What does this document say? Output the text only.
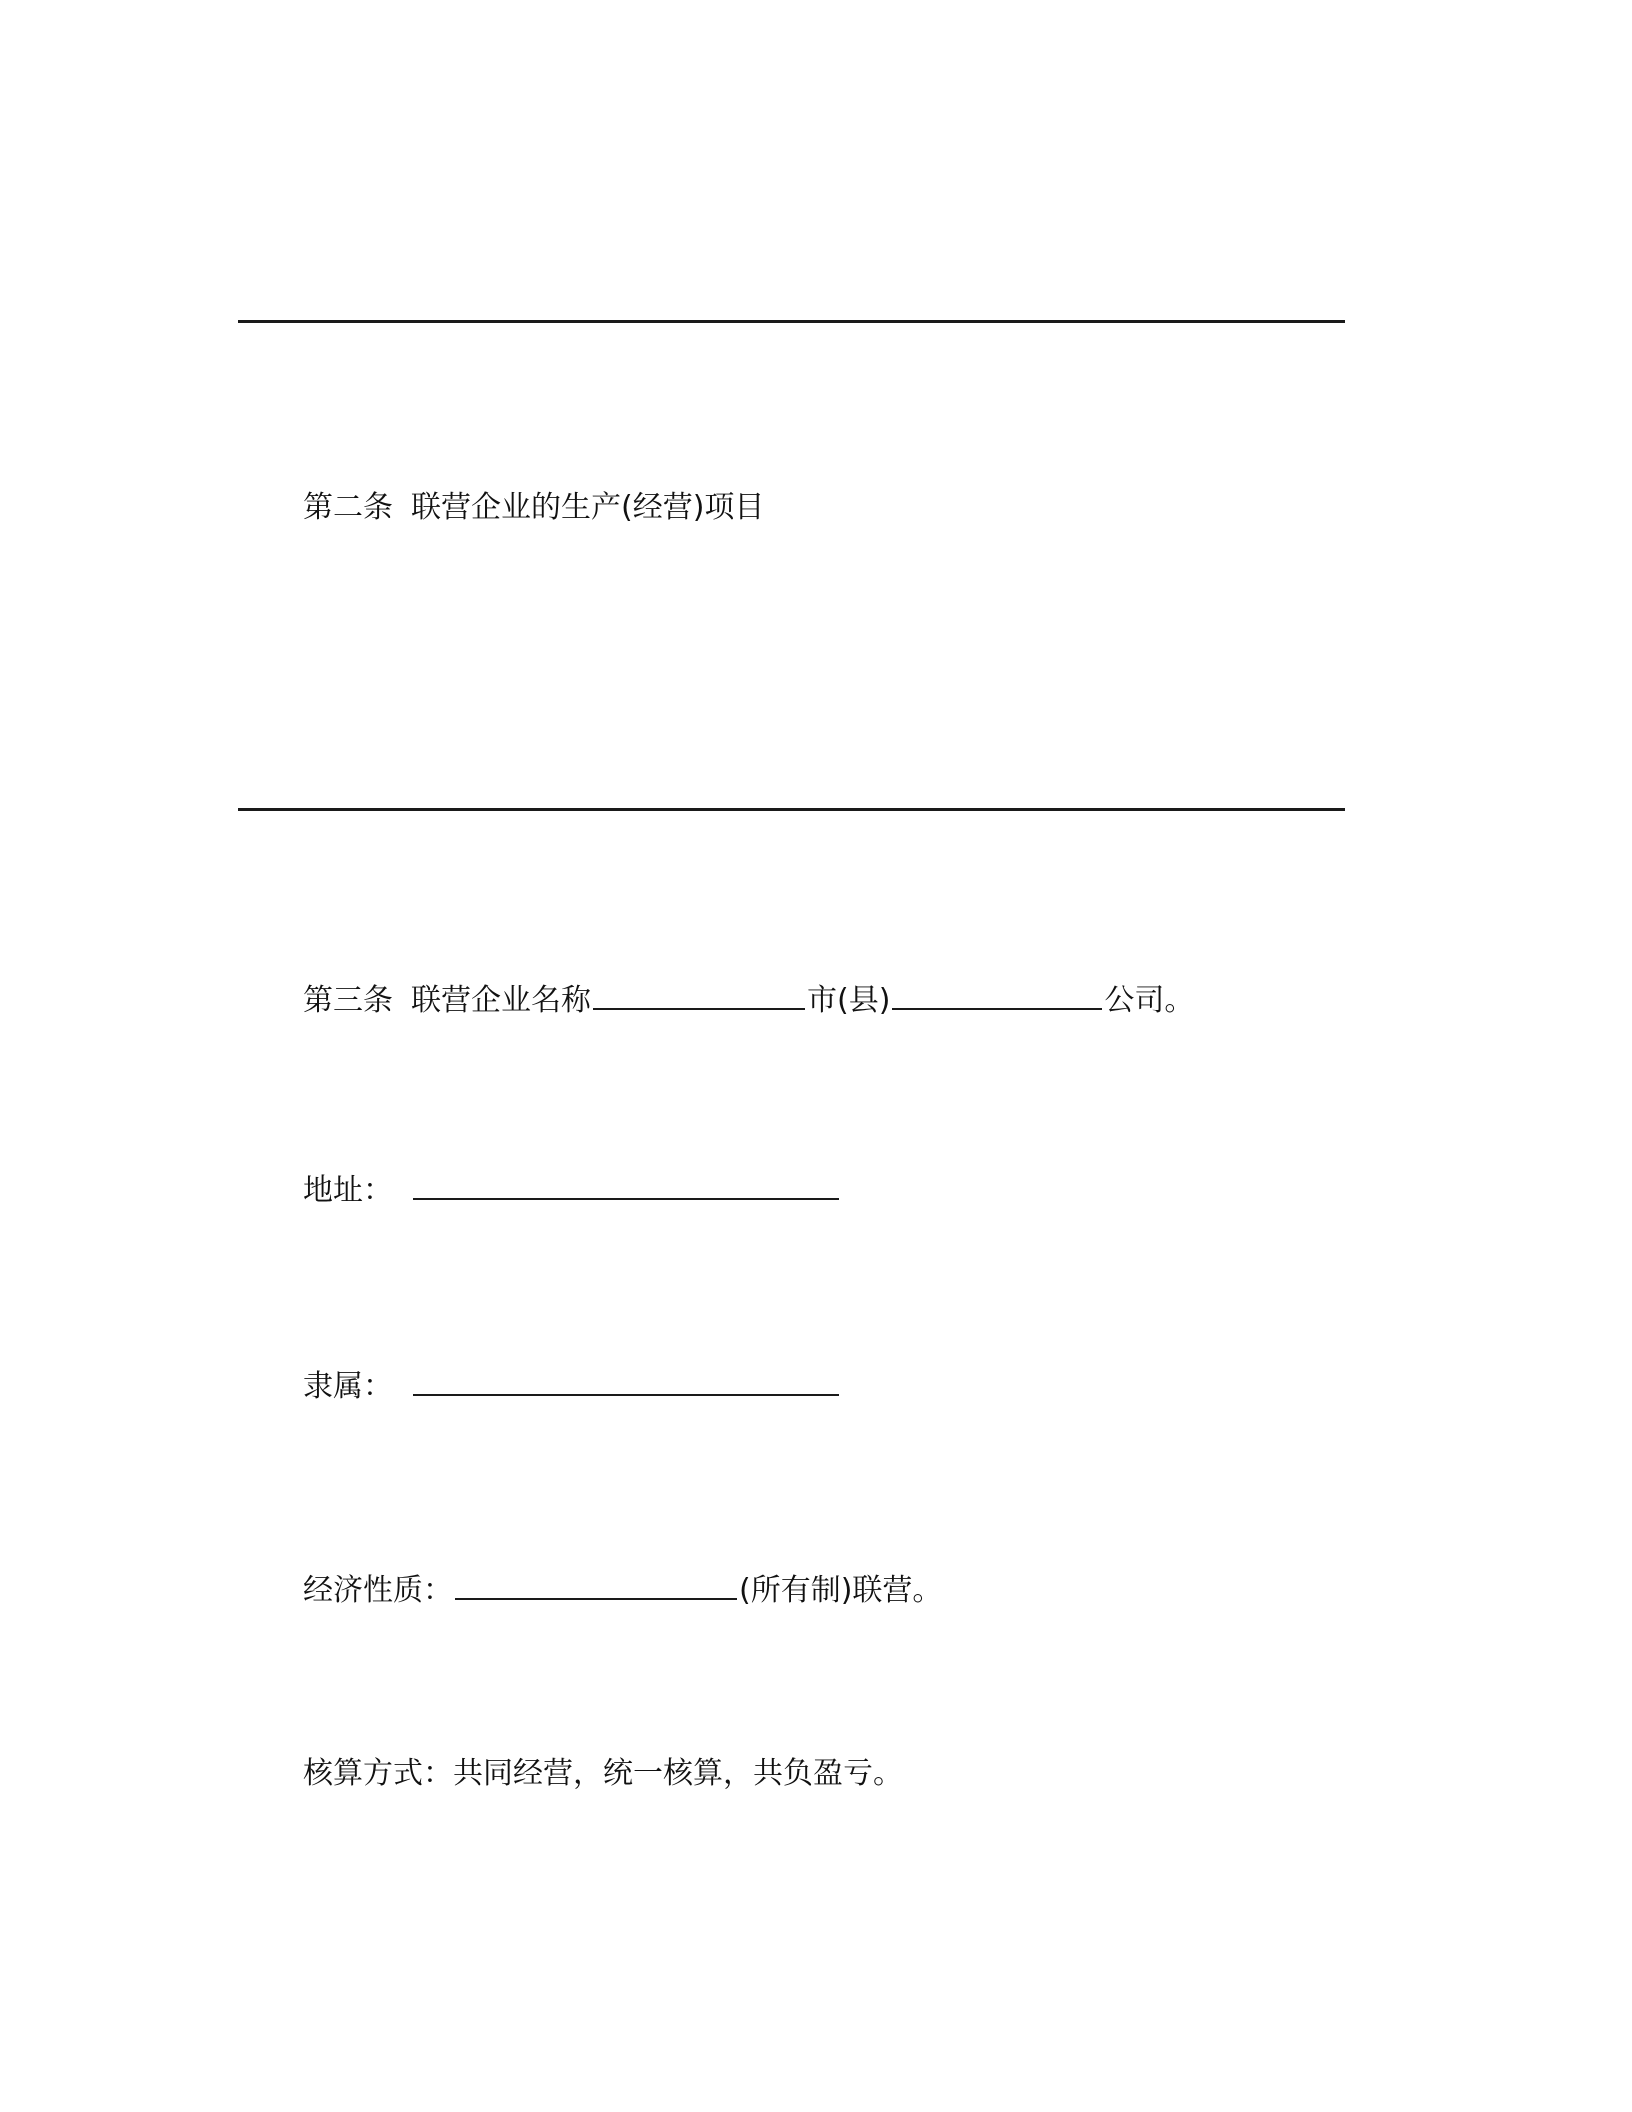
第二条 联营企业的生产(经营)项目
第三条 联营企业名称	市(县)	公司。
地址：
隶属：
经济性质：	(所有制)联营。
核算方式：共同经营，统一核算，共负盈亏。
